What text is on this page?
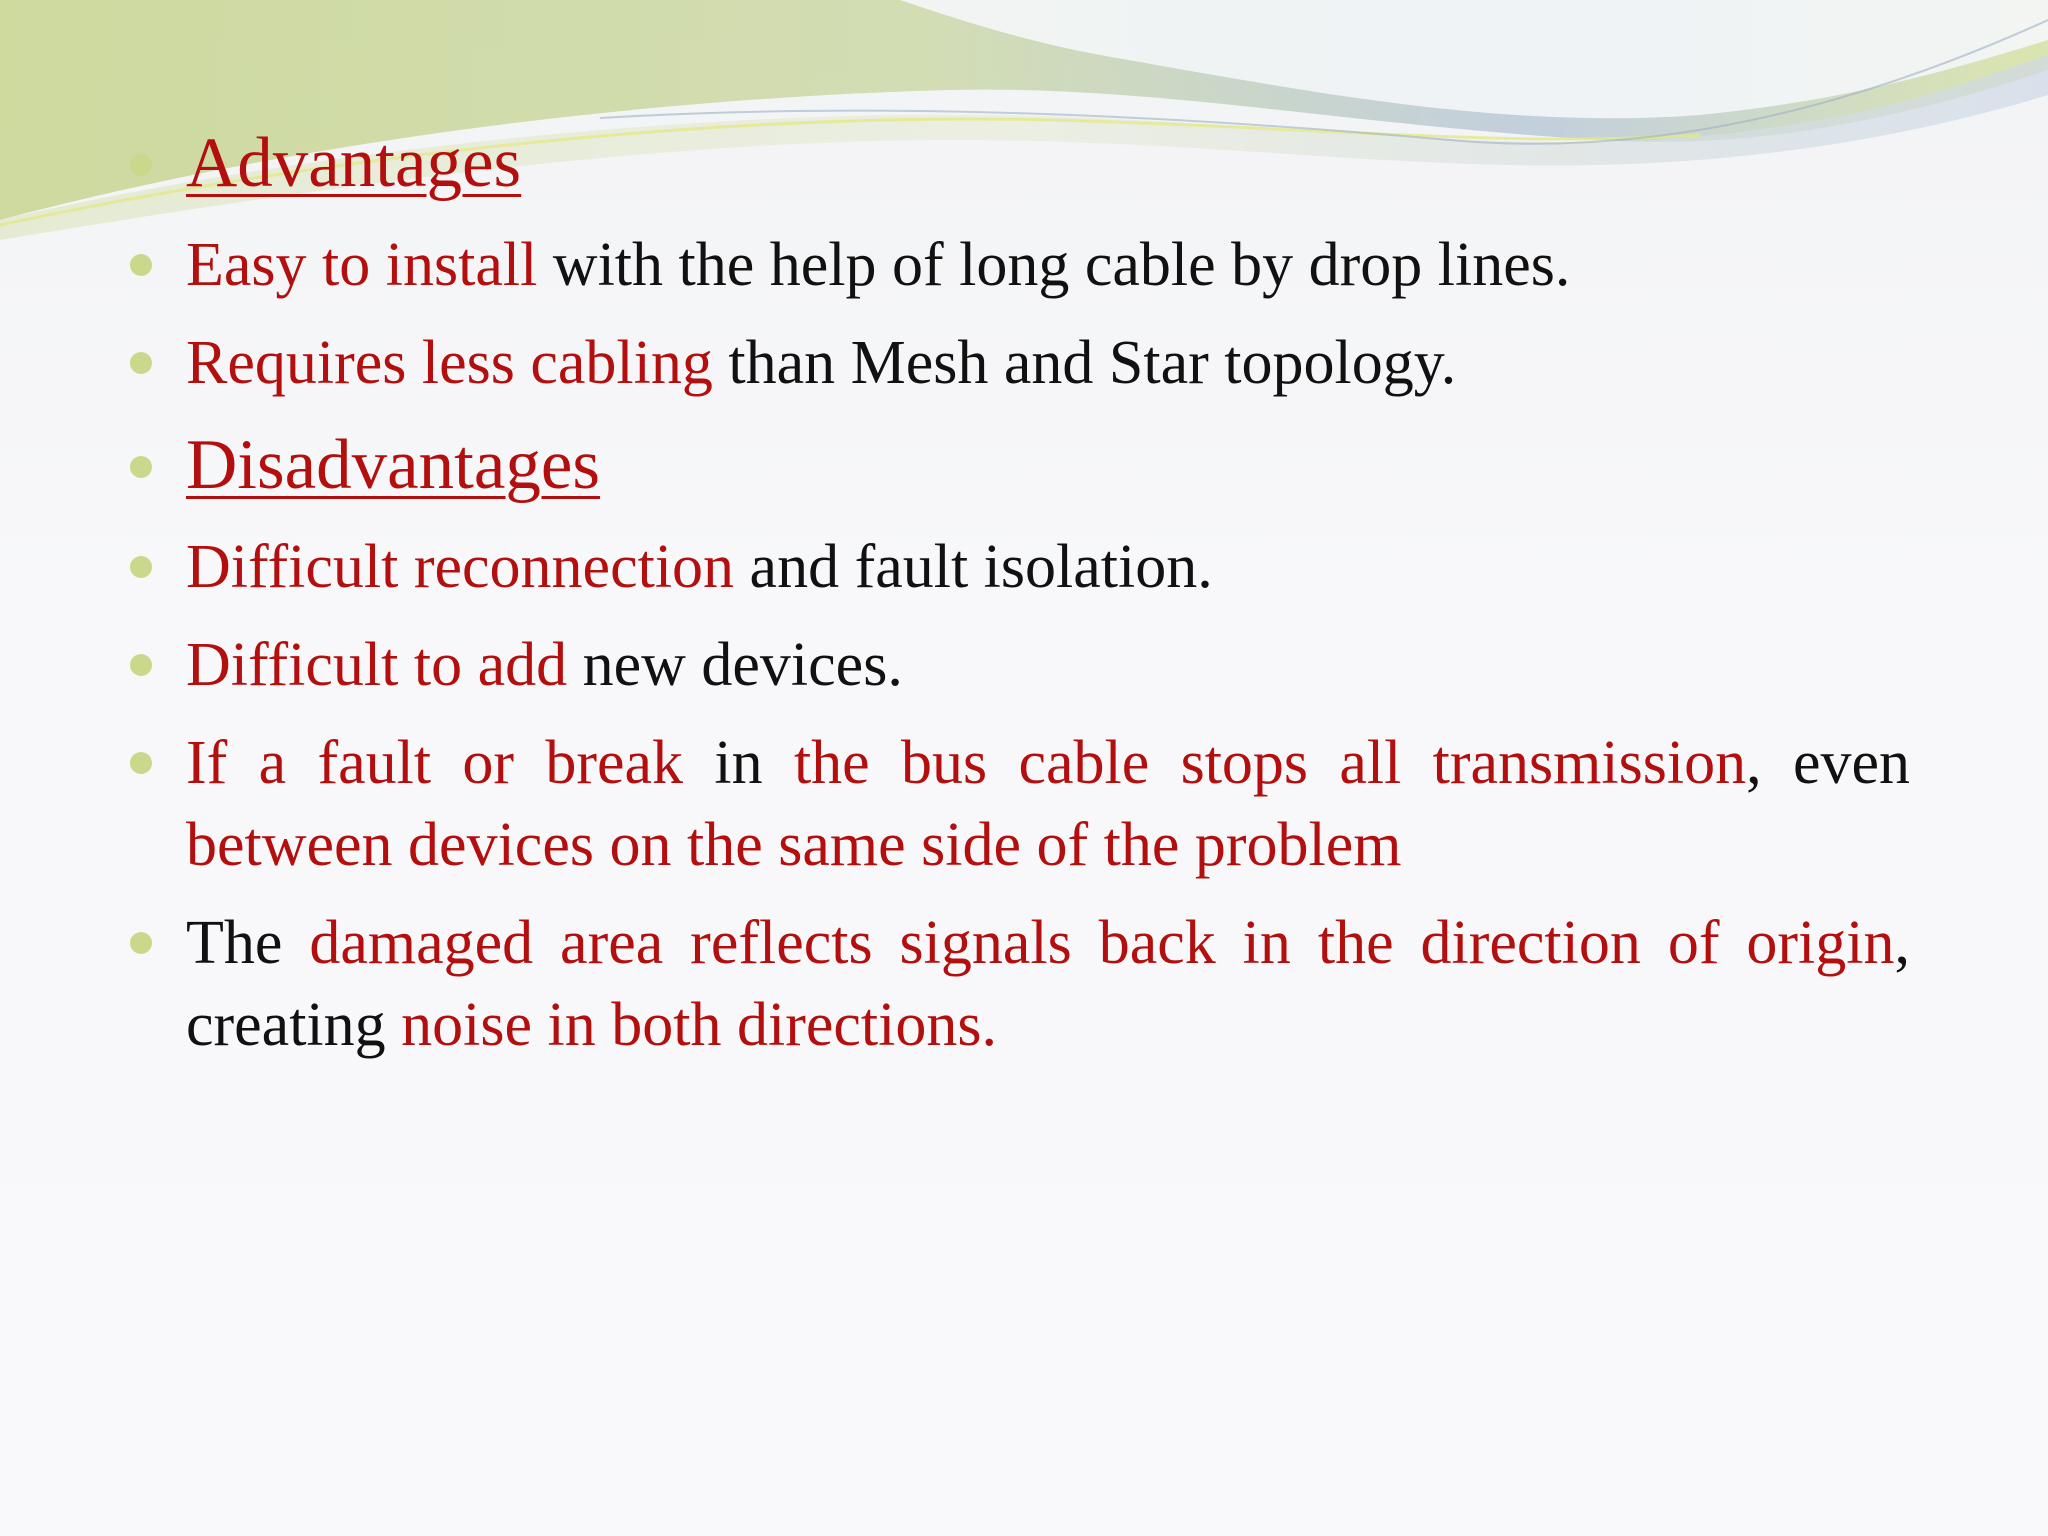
Advantages
Easy to install with the help of long cable by drop lines.
Requires less cabling than Mesh and Star topology.
Disadvantages
Difficult reconnection and fault isolation.
Difficult to add new devices.
If a fault or break in the bus cable stops all transmission, even between devices on the same side of the problem
The damaged area reflects signals back in the direction of origin, creating noise in both directions.
